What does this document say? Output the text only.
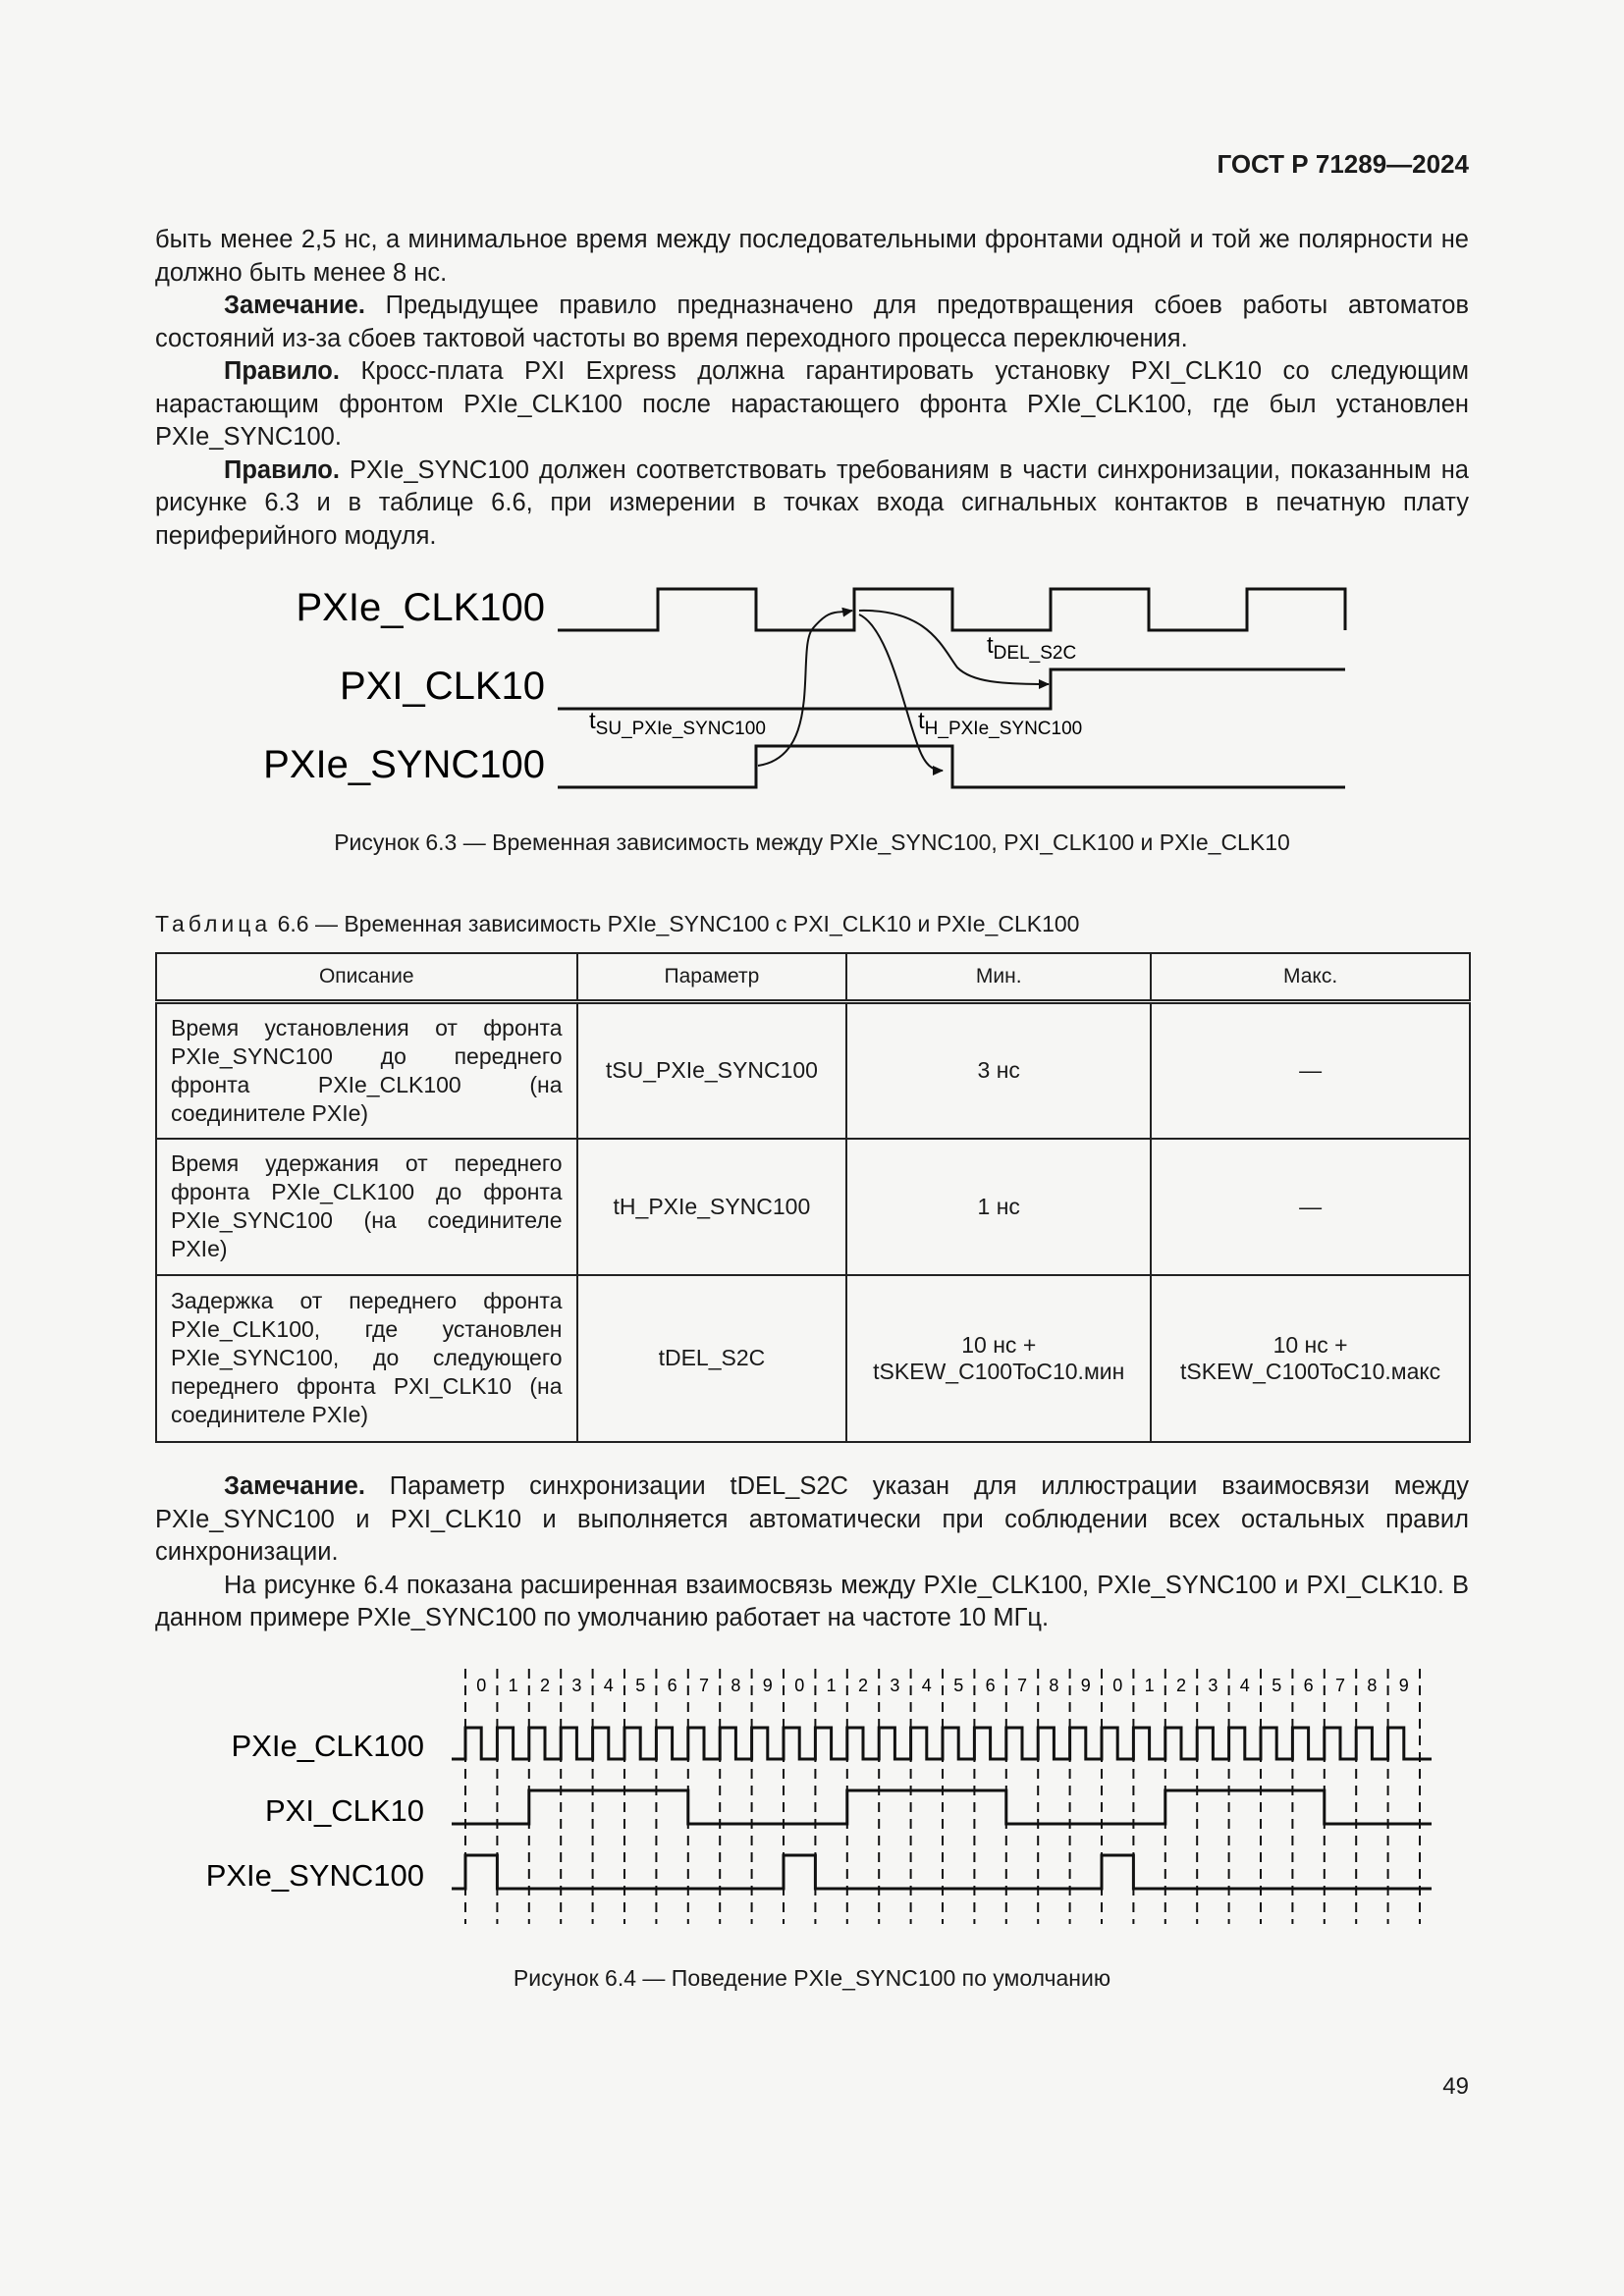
ГОСТ Р 71289—2024

быть менее 2,5 нс, а минимальное время между последовательными фронтами одной и той же полярности не должно быть менее 8 нс.

Замечание. Предыдущее правило предназначено для предотвращения сбоев работы автоматов состояний из-за сбоев тактовой частоты во время переходного процесса переключения.

Правило. Кросс-плата PXI Express должна гарантировать установку PXI_CLK10 со следующим нарастающим фронтом PXIe_CLK100 после нарастающего фронта PXIe_CLK100, где был установлен PXIe_SYNC100.

Правило. PXIe_SYNC100 должен соответствовать требованиям в части синхронизации, показанным на рисунке 6.3 и в таблице 6.6, при измерении в точках входа сигнальных контактов в печатную плату периферийного модуля.

PXIe_CLK100
PXI_CLK10
PXIe_SYNC100
$t_{DEL\_S2C}$
$t_{SU\_PXIe\_SYNC100}$	$t_{H\_PXIe\_SYNC100}$
Рисунок 6.3 — Временная зависимость между PXIe_SYNC100, PXI_CLK100 и PXIe_CLK10
Таблица 6.6 — Временная зависимость PXIe_SYNC100 с PXI_CLK10 и PXIe_CLK100
Описание	Параметр	Мин.	Макс.
Время установления от фронта PXIe_SYNC100 до переднего фронта PXIe_CLK100 (на соединителе PXIe)	tSU_PXIe_SYNC100	3 нс	—
Время удержания от переднего фронта PXIe_CLK100 до фронта PXIe_SYNC100 (на соединителе PXIe)	tH_PXIe_SYNC100	1 нс	—
Задержка от переднего фронта PXIe_CLK100, где установлен PXIe_SYNC100, до следующего переднего фронта PXI_CLK10 (на соединителе PXIe)	tDEL_S2C	10 нс + tSKEW_C100ToC10.мин	10 нс + tSKEW_C100ToC10.макс

Замечание. Параметр синхронизации tDEL_S2C указан для иллюстрации взаимосвязи между PXIe_SYNC100 и PXI_CLK10 и выполняется автоматически при соблюдении всех остальных правил синхронизации.

На рисунке 6.4 показана расширенная взаимосвязь между PXIe_CLK100, PXIe_SYNC100 и PXI_CLK10. В данном примере PXIe_SYNC100 по умолчанию работает на частоте 10 МГц.

0 1 2 3 4 5 6 7 8 9 0 1 2 3 4 5 6 7 8 9 0 1 2 3 4 5 6 7 8 9
PXIe_CLK100
PXI_CLK10
PXIe_SYNC100
Рисунок 6.4 — Поведение PXIe_SYNC100 по умолчанию
49
